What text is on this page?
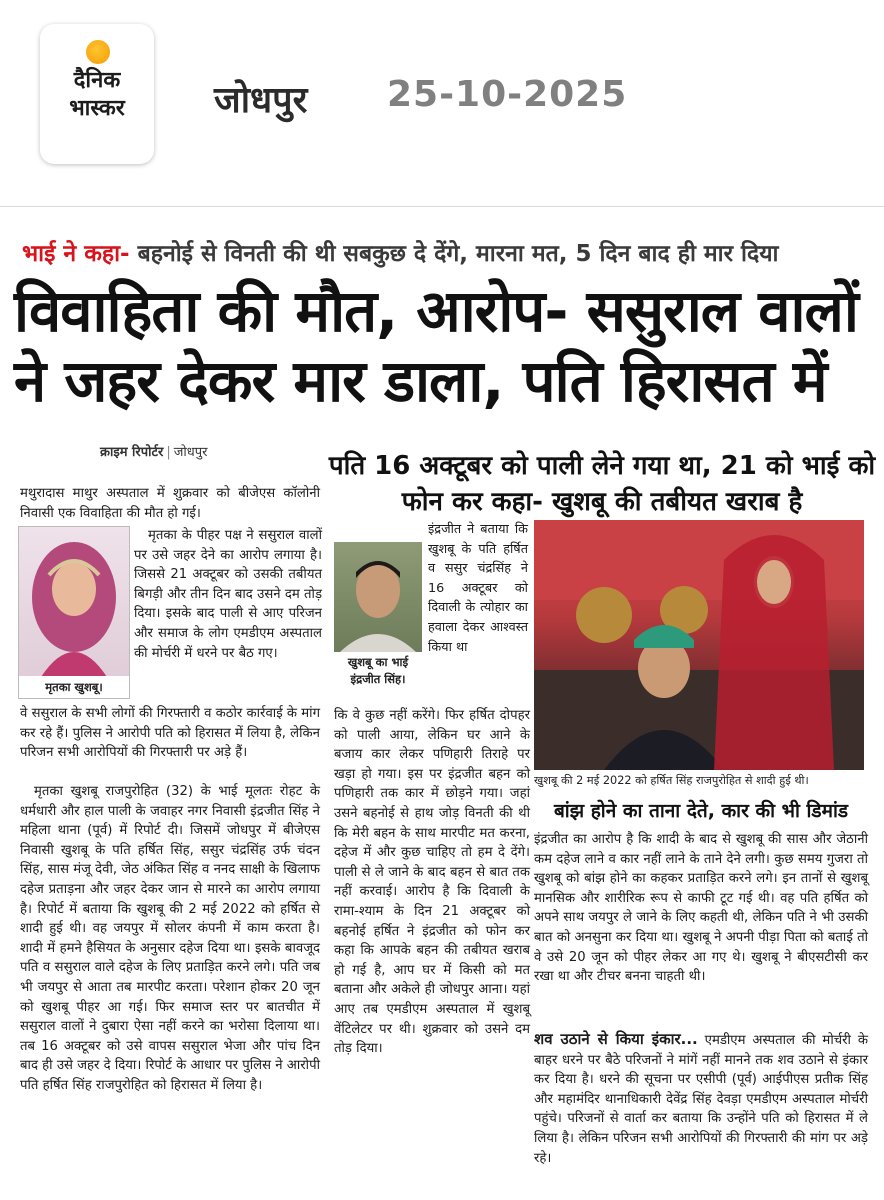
दैनिक
भास्कर	जोधपुर 25-10-2025
भाई ने कहा- बहनोई से विनती की थी सबकुछ दे देंगे, मारना मत, 5 दिन बाद ही मार दिया
विवाहिता की मौत, आरोप- ससुराल वालों ने जहर देकर मार डाला, पति हिरासत में
क्राइम रिपोर्टर | जोधपुर	पति 16 अक्टूबर को पाली लेने गया था, 21 को भाई को फोन कर कहा- खुशबू की तबीयत खराब है

मथुरादास माथुर अस्पताल में शुक्रवार को बीजेएस कॉलोनी निवासी एक विवाहिता की मौत हो गई।

मृतका खुशबू।

मृतका के पीहर पक्ष ने ससुराल वालों पर उसे जहर देने का आरोप लगाया है। जिससे 21 अक्टूबर को उसकी तबीयत बिगड़ी और तीन दिन बाद उसने दम तोड़ दिया। इसके बाद पाली से आए परिजन और समाज के लोग एमडीएम अस्पताल की मोर्चरी में धरने पर बैठ गए।

वे ससुराल के सभी लोगों की गिरफ्तारी व कठोर कार्रवाई के मांग कर रहे हैं। पुलिस ने आरोपी पति को हिरासत में लिया है, लेकिन परिजन सभी आरोपियों की गिरफ्तारी पर अड़े हैं।

मृतका खुशबू राजपुरोहित (32) के भाई मूलतः रोहट के धर्मधारी और हाल पाली के जवाहर नगर निवासी इंद्रजीत सिंह ने महिला थाना (पूर्व) में रिपोर्ट दी। जिसमें जोधपुर में बीजेएस निवासी खुशबू के पति हर्षित सिंह, ससुर चंद्रसिंह उर्फ चंदन सिंह, सास मंजू देवी, जेठ अंकित सिंह व ननद साक्षी के खिलाफ दहेज प्रताड़ना और जहर देकर जान से मारने का आरोप लगाया है। रिपोर्ट में बताया कि खुशबू की 2 मई 2022 को हर्षित से शादी हुई थी। वह जयपुर में सोलर कंपनी में काम करता है। शादी में हमने हैसियत के अनुसार दहेज दिया था। इसके बावजूद पति व ससुराल वाले दहेज के लिए प्रताड़ित करने लगे। पति जब भी जयपुर से आता तब मारपीट करता। परेशान होकर 20 जून को खुशबू पीहर आ गई। फिर समाज स्तर पर बातचीत में ससुराल वालों ने दुबारा ऐसा नहीं करने का भरोसा दिलाया था। तब 16 अक्टूबर को उसे वापस ससुराल भेजा और पांच दिन बाद ही उसे जहर दे दिया। रिपोर्ट के आधार पर पुलिस ने आरोपी पति हर्षित सिंह राजपुरोहित को हिरासत में लिया है।

खुशबू का भाई इंद्रजीत सिंह।

इंद्रजीत ने बताया कि खुशबू के पति हर्षित व ससुर चंद्रसिंह ने 16 अक्टूबर को दिवाली के त्योहार का हवाला देकर आश्वस्त किया था

कि वे कुछ नहीं करेंगे। फिर हर्षित दोपहर को पाली आया, लेकिन घर आने के बजाय कार लेकर पणिहारी तिराहे पर खड़ा हो गया। इस पर इंद्रजीत बहन को पणिहारी तक कार में छोड़ने गया। जहां उसने बहनोई से हाथ जोड़ विनती की थी कि मेरी बहन के साथ मारपीट मत करना, दहेज में और कुछ चाहिए तो हम दे देंगे। पाली से ले जाने के बाद बहन से बात तक नहीं करवाई। आरोप है कि दिवाली के रामा-श्याम के दिन 21 अक्टूबर को बहनोई हर्षित ने इंद्रजीत को फोन कर कहा कि आपके बहन की तबीयत खराब हो गई है, आप घर में किसी को मत बताना और अकेले ही जोधपुर आना। यहां आए तब एमडीएम अस्पताल में खुशबू वेंटिलेटर पर थी। शुक्रवार को उसने दम तोड़ दिया।

खुशबू की 2 मई 2022 को हर्षित सिंह राजपुरोहित से शादी हुई थी।
बांझ होने का ताना देते, कार की भी डिमांड

इंद्रजीत का आरोप है कि शादी के बाद से खुशबू की सास और जेठानी कम दहेज लाने व कार नहीं लाने के ताने देने लगी। कुछ समय गुजरा तो खुशबू को बांझ होने का कहकर प्रताड़ित करने लगे। इन तानों से खुशबू मानसिक और शारीरिक रूप से काफी टूट गई थी। वह पति हर्षित को अपने साथ जयपुर ले जाने के लिए कहती थी, लेकिन पति ने भी उसकी बात को अनसुना कर दिया था। खुशबू ने अपनी पीड़ा पिता को बताई तो वे उसे 20 जून को पीहर लेकर आ गए थे। खुशबू ने बीएसटीसी कर रखा था और टीचर बनना चाहती थी।

शव उठाने से किया इंकार... एमडीएम अस्पताल की मोर्चरी के बाहर धरने पर बैठे परिजनों ने मांगें नहीं मानने तक शव उठाने से इंकार कर दिया है। धरने की सूचना पर एसीपी (पूर्व) आईपीएस प्रतीक सिंह और महामंदिर थानाधिकारी देवेंद्र सिंह देवड़ा एमडीएम अस्पताल मोर्चरी पहुंचे। परिजनों से वार्ता कर बताया कि उन्होंने पति को हिरासत में ले लिया है। लेकिन परिजन सभी आरोपियों की गिरफ्तारी की मांग पर अड़े रहे।
